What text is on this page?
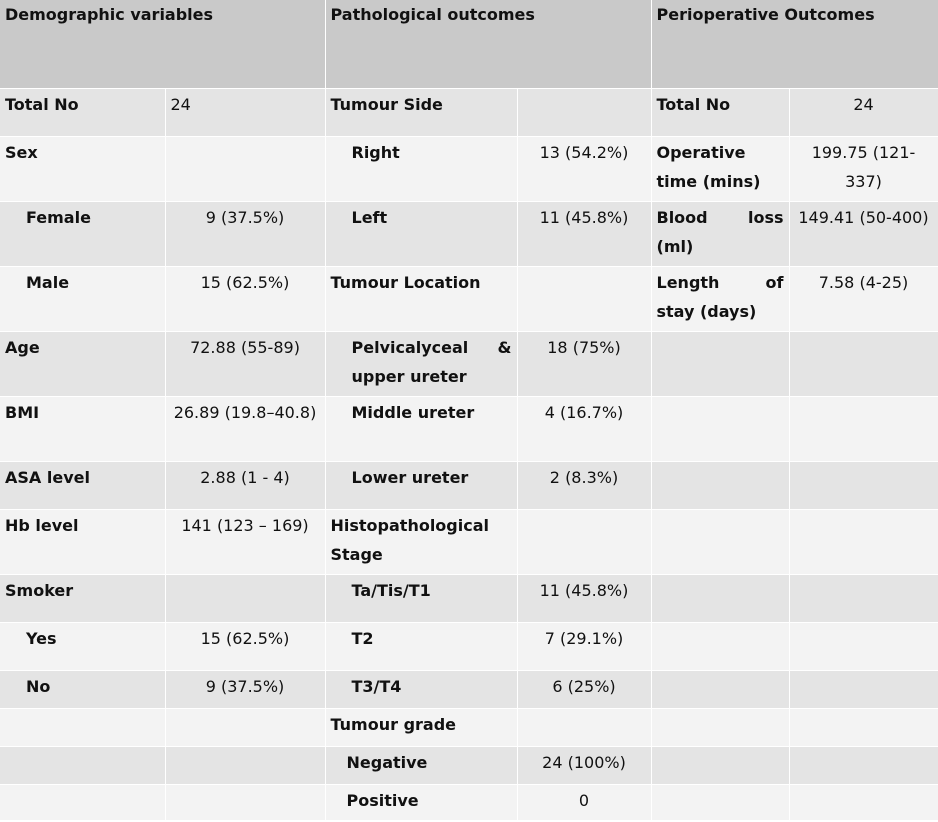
Demographic variables		Pathological outcomes		Perioperative Outcomes	
Total No	24	Tumour Side		Total No	24
Sex		Right	13 (54.2%)	Operative time (mins)	199.75 (121-337)
Female	9 (37.5%)	Left	11 (45.8%)	Blood loss (ml)	149.41 (50-400)
Male	15 (62.5%)	Tumour Location		Length of stay (days)	7.58 (4-25)
Age	72.88 (55-89)	Pelvicalyceal & upper ureter	18 (75%)		
BMI	26.89 (19.8–40.8)	Middle ureter	4 (16.7%)		
ASA level	2.88 (1 - 4)	Lower ureter	2 (8.3%)		
Hb level	141 (123 – 169)	Histopathological Stage			
Smoker		Ta/Tis/T1	11 (45.8%)		
Yes	15 (62.5%)	T2	7 (29.1%)		
No	9 (37.5%)	T3/T4	6 (25%)		
		Tumour grade			
		Negative	24 (100%)		
		Positive	0		
